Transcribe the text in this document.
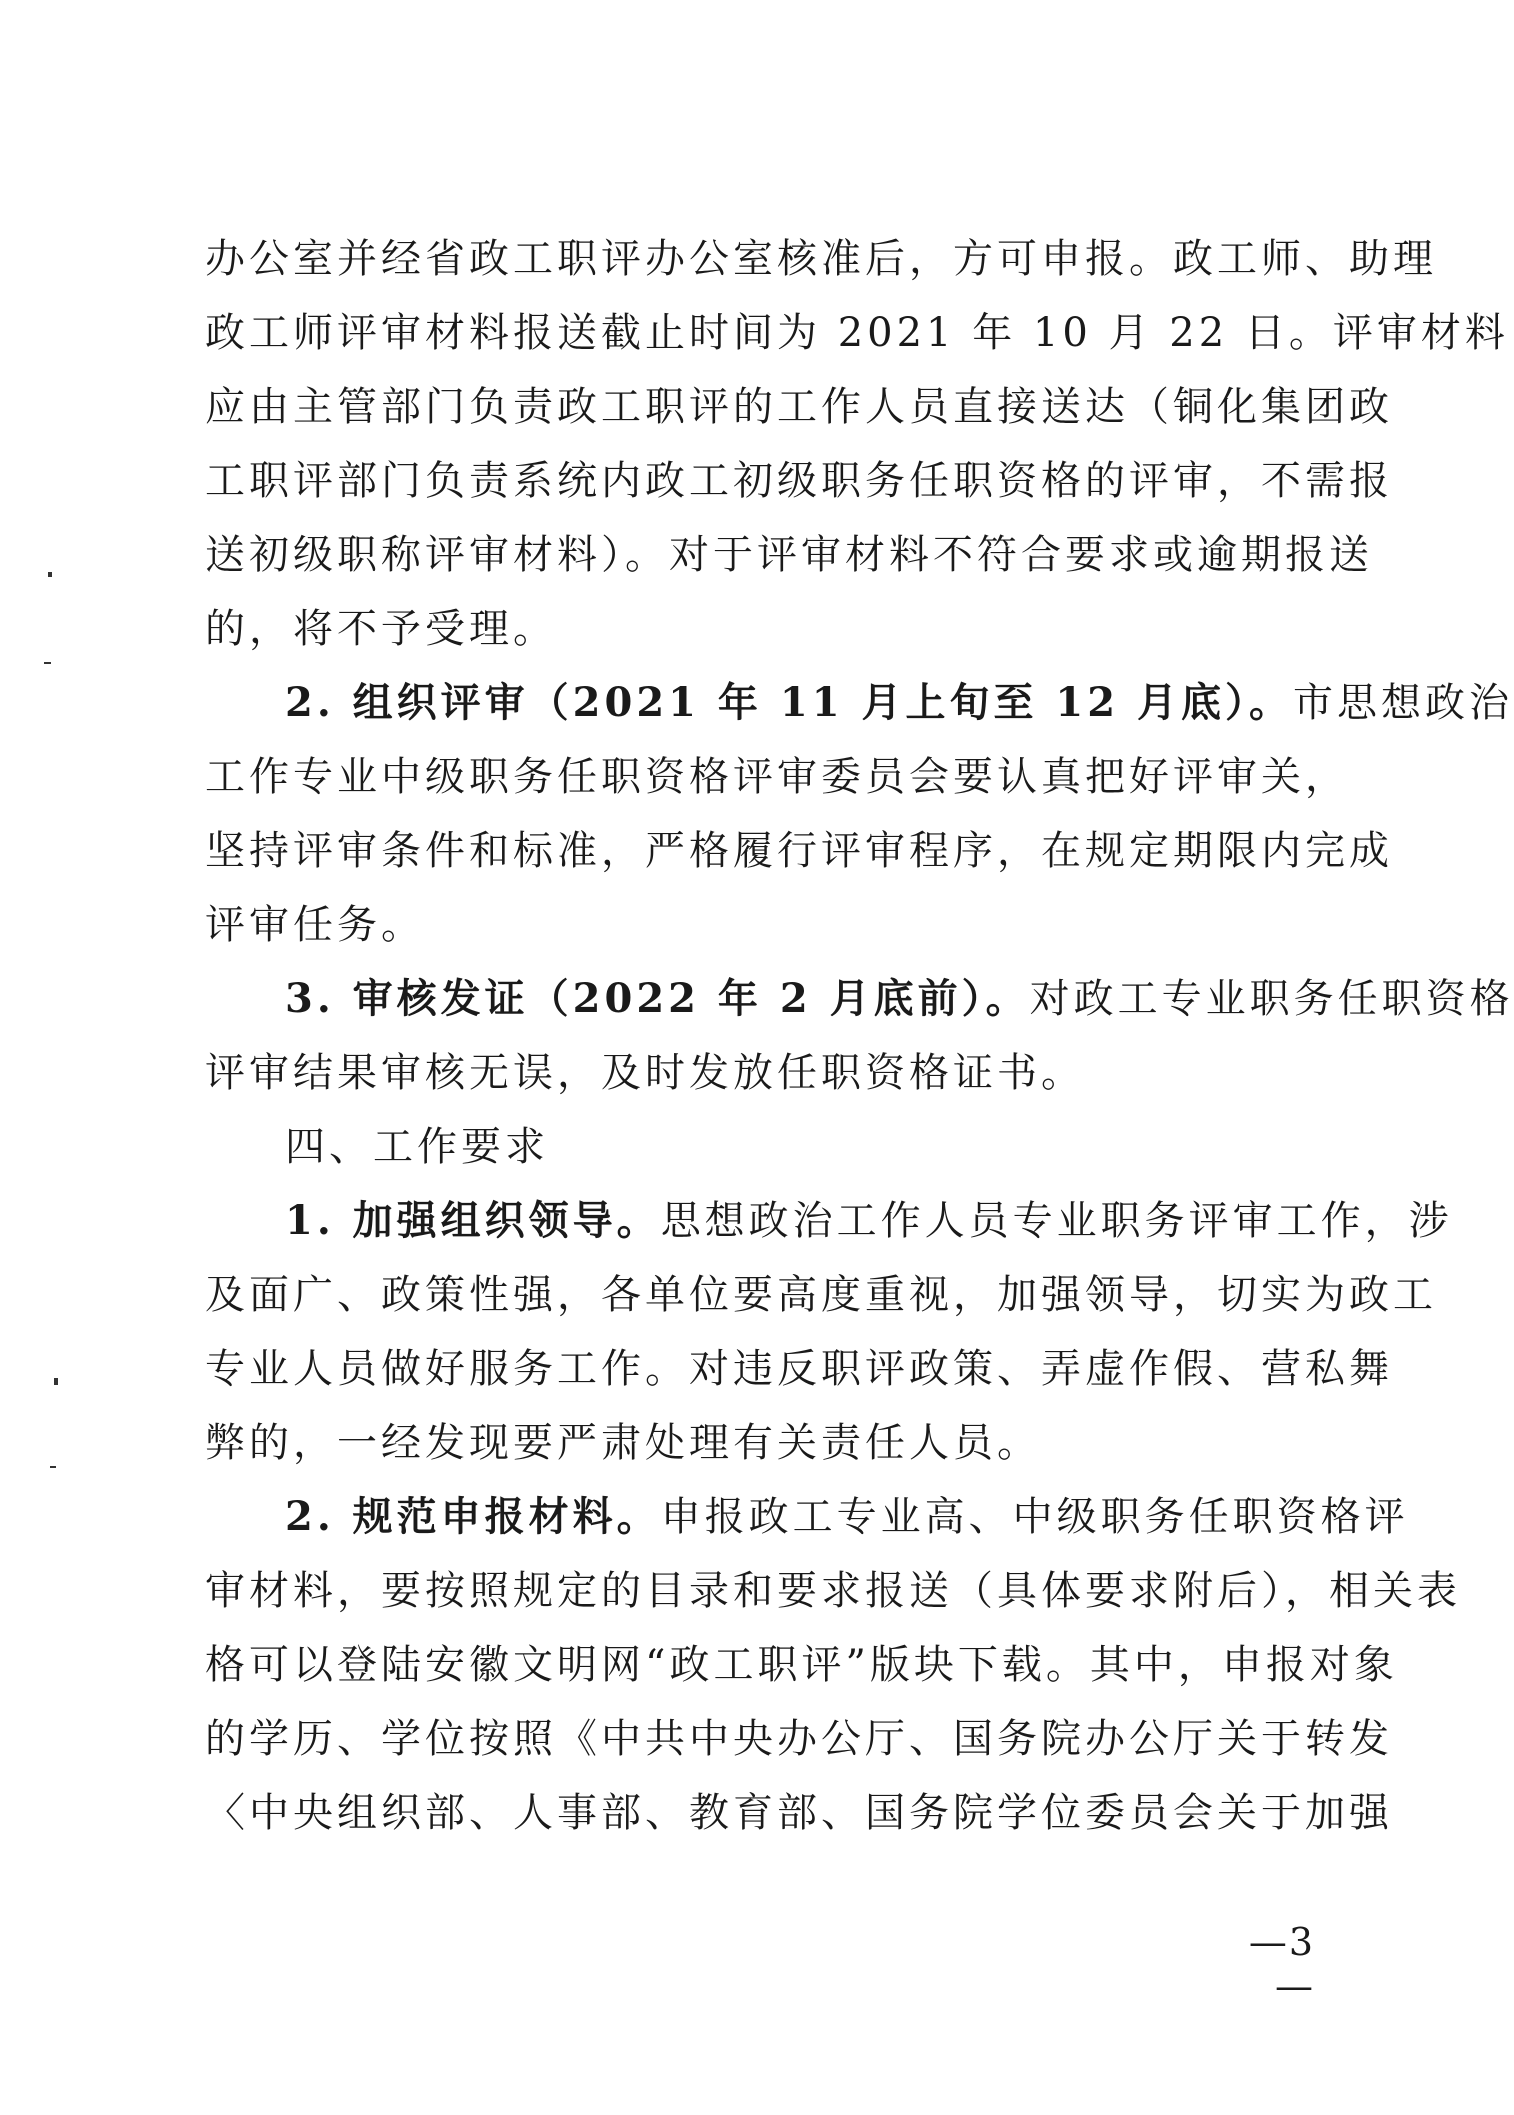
办公室并经省政工职评办公室核准后，方可申报。政工师、助理
政工师评审材料报送截止时间为 2021 年 10 月 22 日。评审材料
应由主管部门负责政工职评的工作人员直接送达（铜化集团政
工职评部门负责系统内政工初级职务任职资格的评审，不需报
送初级职称评审材料）。对于评审材料不符合要求或逾期报送
的，将不予受理。
2. 组织评审（2021 年 11 月上旬至 12 月底）。市思想政治
工作专业中级职务任职资格评审委员会要认真把好评审关，
坚持评审条件和标准，严格履行评审程序，在规定期限内完成
评审任务。
3. 审核发证（2022 年 2 月底前）。对政工专业职务任职资格
评审结果审核无误，及时发放任职资格证书。
四、工作要求
1. 加强组织领导。思想政治工作人员专业职务评审工作，涉
及面广、政策性强，各单位要高度重视，加强领导，切实为政工
专业人员做好服务工作。对违反职评政策、弄虚作假、营私舞
弊的，一经发现要严肃处理有关责任人员。
2. 规范申报材料。申报政工专业高、中级职务任职资格评
审材料，要按照规定的目录和要求报送（具体要求附后），相关表
格可以登陆安徽文明网“政工职评”版块下载。其中，申报对象
的学历、学位按照《中共中央办公厅、国务院办公厅关于转发
〈中央组织部、人事部、教育部、国务院学位委员会关于加强
—3—
